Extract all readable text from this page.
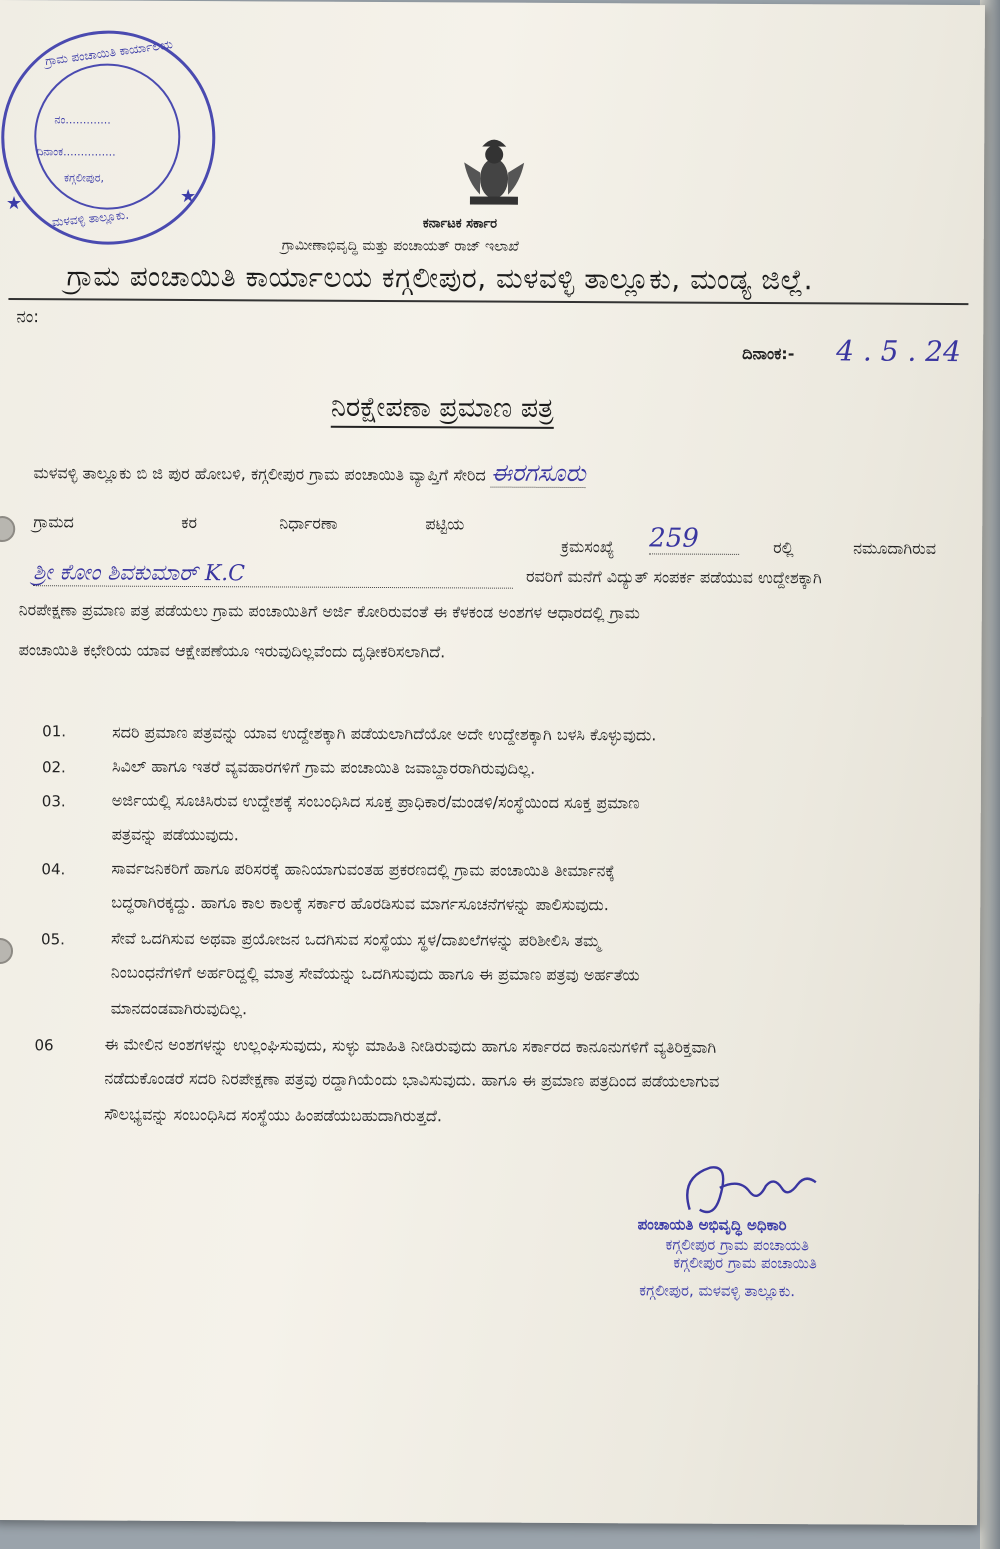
ಗ್ರಾಮ ಪಂಚಾಯಿತಿ ಕಾರ್ಯಾಲಯ
ನಂ.............
ದಿನಾಂಕ...............
ಕಗ್ಗಲೀಪುರ,
ಮಳವಳ್ಳಿ ತಾಲ್ಲೂಕು.
★	★
ಕರ್ನಾಟಕ ಸರ್ಕಾರ
ಗ್ರಾಮೀಣಾಭಿವೃದ್ಧಿ ಮತ್ತು ಪಂಚಾಯತ್ ರಾಜ್ ಇಲಾಖೆ
ಗ್ರಾಮ ಪಂಚಾಯಿತಿ ಕಾರ್ಯಾಲಯ ಕಗ್ಗಲೀಪುರ, ಮಳವಳ್ಳಿ ತಾಲ್ಲೂಕು, ಮಂಡ್ಯ ಜಿಲ್ಲೆ.
ನಂ:
ದಿನಾಂಕ:- 4 . 5 . 24
ನಿರಕ್ಷೇಪಣಾ ಪ್ರಮಾಣ ಪತ್ರ
ಮಳವಳ್ಳಿ ತಾಲ್ಲೂಕು ಬಿ ಜಿ ಪುರ ಹೋಬಳಿ, ಕಗ್ಗಲೀಪುರ ಗ್ರಾಮ ಪಂಚಾಯಿತಿ ವ್ಯಾಪ್ತಿಗೆ ಸೇರಿದ ಈರಗಸೂರು
ಗ್ರಾಮದ	ಕರ	ನಿರ್ಧಾರಣಾ	ಪಟ್ಟಿಯ
ಕ್ರಮಸಂಖ್ಯೆ 259	ರಲ್ಲಿ	ನಮೂದಾಗಿರುವ
ಶ್ರೀ ಕೋಂ ಶಿವಕುಮಾರ್ K.C	ರವರಿಗೆ ಮನೆಗೆ ವಿದ್ಯುತ್ ಸಂಪರ್ಕ ಪಡೆಯುವ ಉದ್ದೇಶಕ್ಕಾಗಿ
ನಿರಪೇಕ್ಷಣಾ ಪ್ರಮಾಣ ಪತ್ರ ಪಡೆಯಲು ಗ್ರಾಮ ಪಂಚಾಯಿತಿಗೆ ಅರ್ಜಿ ಕೋರಿರುವಂತೆ ಈ ಕೆಳಕಂಡ ಅಂಶಗಳ ಆಧಾರದಲ್ಲಿ ಗ್ರಾಮ
ಪಂಚಾಯಿತಿ ಕಛೇರಿಯ ಯಾವ ಆಕ್ಷೇಪಣೆಯೂ ಇರುವುದಿಲ್ಲವೆಂದು ದೃಢೀಕರಿಸಲಾಗಿದೆ.
01.	ಸದರಿ ಪ್ರಮಾಣ ಪತ್ರವನ್ನು ಯಾವ ಉದ್ದೇಶಕ್ಕಾಗಿ ಪಡೆಯಲಾಗಿದೆಯೋ ಅದೇ ಉದ್ದೇಶಕ್ಕಾಗಿ ಬಳಸಿ ಕೊಳ್ಳುವುದು.
02.	ಸಿವಿಲ್ ಹಾಗೂ ಇತರೆ ವ್ಯವಹಾರಗಳಿಗೆ ಗ್ರಾಮ ಪಂಚಾಯಿತಿ ಜವಾಬ್ದಾರರಾಗಿರುವುದಿಲ್ಲ.
03.	ಅರ್ಜಿಯಲ್ಲಿ ಸೂಚಿಸಿರುವ ಉದ್ದೇಶಕ್ಕೆ ಸಂಬಂಧಿಸಿದ ಸೂಕ್ತ ಪ್ರಾಧಿಕಾರ/ಮಂಡಳಿ/ಸಂಸ್ಥೆಯಿಂದ ಸೂಕ್ತ ಪ್ರಮಾಣ
ಪತ್ರವನ್ನು ಪಡೆಯುವುದು.
04.	ಸಾರ್ವಜನಿಕರಿಗೆ ಹಾಗೂ ಪರಿಸರಕ್ಕೆ ಹಾನಿಯಾಗುವಂತಹ ಪ್ರಕರಣದಲ್ಲಿ ಗ್ರಾಮ ಪಂಚಾಯಿತಿ ತೀರ್ಮಾನಕ್ಕೆ
ಬದ್ಧರಾಗಿರಕ್ಕದ್ದು. ಹಾಗೂ ಕಾಲ ಕಾಲಕ್ಕೆ ಸರ್ಕಾರ ಹೊರಡಿಸುವ ಮಾರ್ಗಸೂಚನೆಗಳನ್ನು ಪಾಲಿಸುವುದು.
05.	ಸೇವೆ ಒದಗಿಸುವ ಅಥವಾ ಪ್ರಯೋಜನ ಒದಗಿಸುವ ಸಂಸ್ಥೆಯು ಸ್ಥಳ/ದಾಖಲೆಗಳನ್ನು ಪರಿಶೀಲಿಸಿ ತಮ್ಮ
ನಿಂಬಂಧನೆಗಳಿಗೆ ಅರ್ಹರಿದ್ದಲ್ಲಿ ಮಾತ್ರ ಸೇವೆಯನ್ನು ಒದಗಿಸುವುದು ಹಾಗೂ ಈ ಪ್ರಮಾಣ ಪತ್ರವು ಅರ್ಹತೆಯ
ಮಾನದಂಡವಾಗಿರುವುದಿಲ್ಲ.
06	ಈ ಮೇಲಿನ ಅಂಶಗಳನ್ನು ಉಲ್ಲಂಘಿಸುವುದು, ಸುಳ್ಳು ಮಾಹಿತಿ ನೀಡಿರುವುದು ಹಾಗೂ ಸರ್ಕಾರದ ಕಾನೂನುಗಳಿಗೆ ವ್ಯತಿರಿಕ್ತವಾಗಿ
ನಡೆದುಕೊಂಡರೆ ಸದರಿ ನಿರಪೇಕ್ಷಣಾ ಪತ್ರವು ರದ್ದಾಗಿಯೆಂದು ಭಾವಿಸುವುದು. ಹಾಗೂ ಈ ಪ್ರಮಾಣ ಪತ್ರದಿಂದ ಪಡೆಯಲಾಗುವ
ಸೌಲಭ್ಯವನ್ನು ಸಂಬಂಧಿಸಿದ ಸಂಸ್ಥೆಯು ಹಿಂಪಡೆಯಬಹುದಾಗಿರುತ್ತದೆ.
ಪಂಚಾಯತಿ ಅಭಿವೃದ್ಧಿ ಅಧಿಕಾರಿ
ಕಗ್ಗಲೀಪುರ ಗ್ರಾಮ ಪಂಚಾಯತಿ
ಕಗ್ಗಲೀಪುರ ಗ್ರಾಮ ಪಂಚಾಯಿತಿ
ಕಗ್ಗಲೀಪುರ, ಮಳವಳ್ಳಿ ತಾಲ್ಲೂಕು.
